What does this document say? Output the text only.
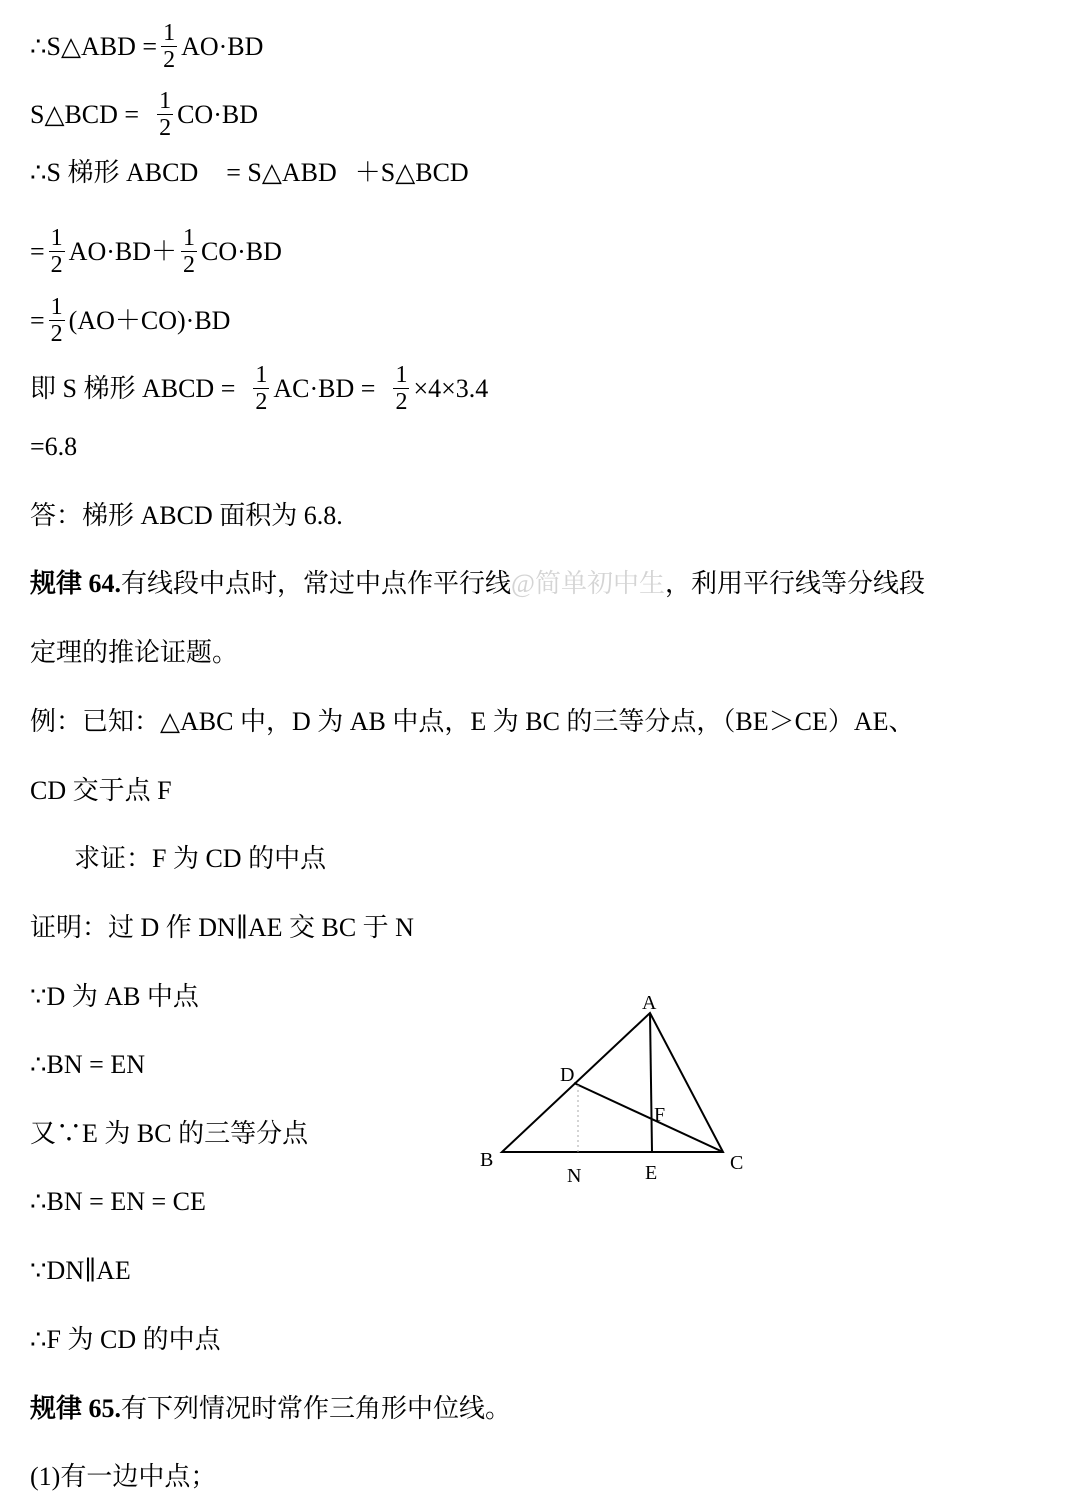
∴S△ABD = $\frac{1}{2} AO\cdot BD$
S△BCD = $\frac{1}{2} CO\cdot BD$
∴S 梯形 ABCD = S△ABD ＋S△BCD
= $\frac{1}{2} AO\cdot BD+ \frac{1}{2} CO\cdot BD$
= $\frac{1}{2} (AO+CO)\cdot BD$
即 S 梯形 ABCD = $\frac{1}{2} AC\cdot BD = \frac{1}{2} \times 4\times 3.4$
=6.8
答：梯形 ABCD 面积为 6.8.
规律 64. 有线段中点时，常过中点作平行线 @简单初中生 ，利用平行线等分线段
定理的推论证题。
例：已知：△ABC 中，D 为 AB 中点，E 为 BC 的三等分点，（BE＞CE）AE、
CD 交于点 F
求证：F 为 CD 的中点
证明：过 D 作 DN∥AE 交 BC 于 N
∵D 为 AB 中点
∴BN = EN
又∵E 为 BC 的三等分点
∴BN = EN = CE
∵DN∥AE
∴F 为 CD 的中点
规律 65. 有下列情况时常作三角形中位线。
(1)有一边中点；
A
D
F
B
N	E	C
